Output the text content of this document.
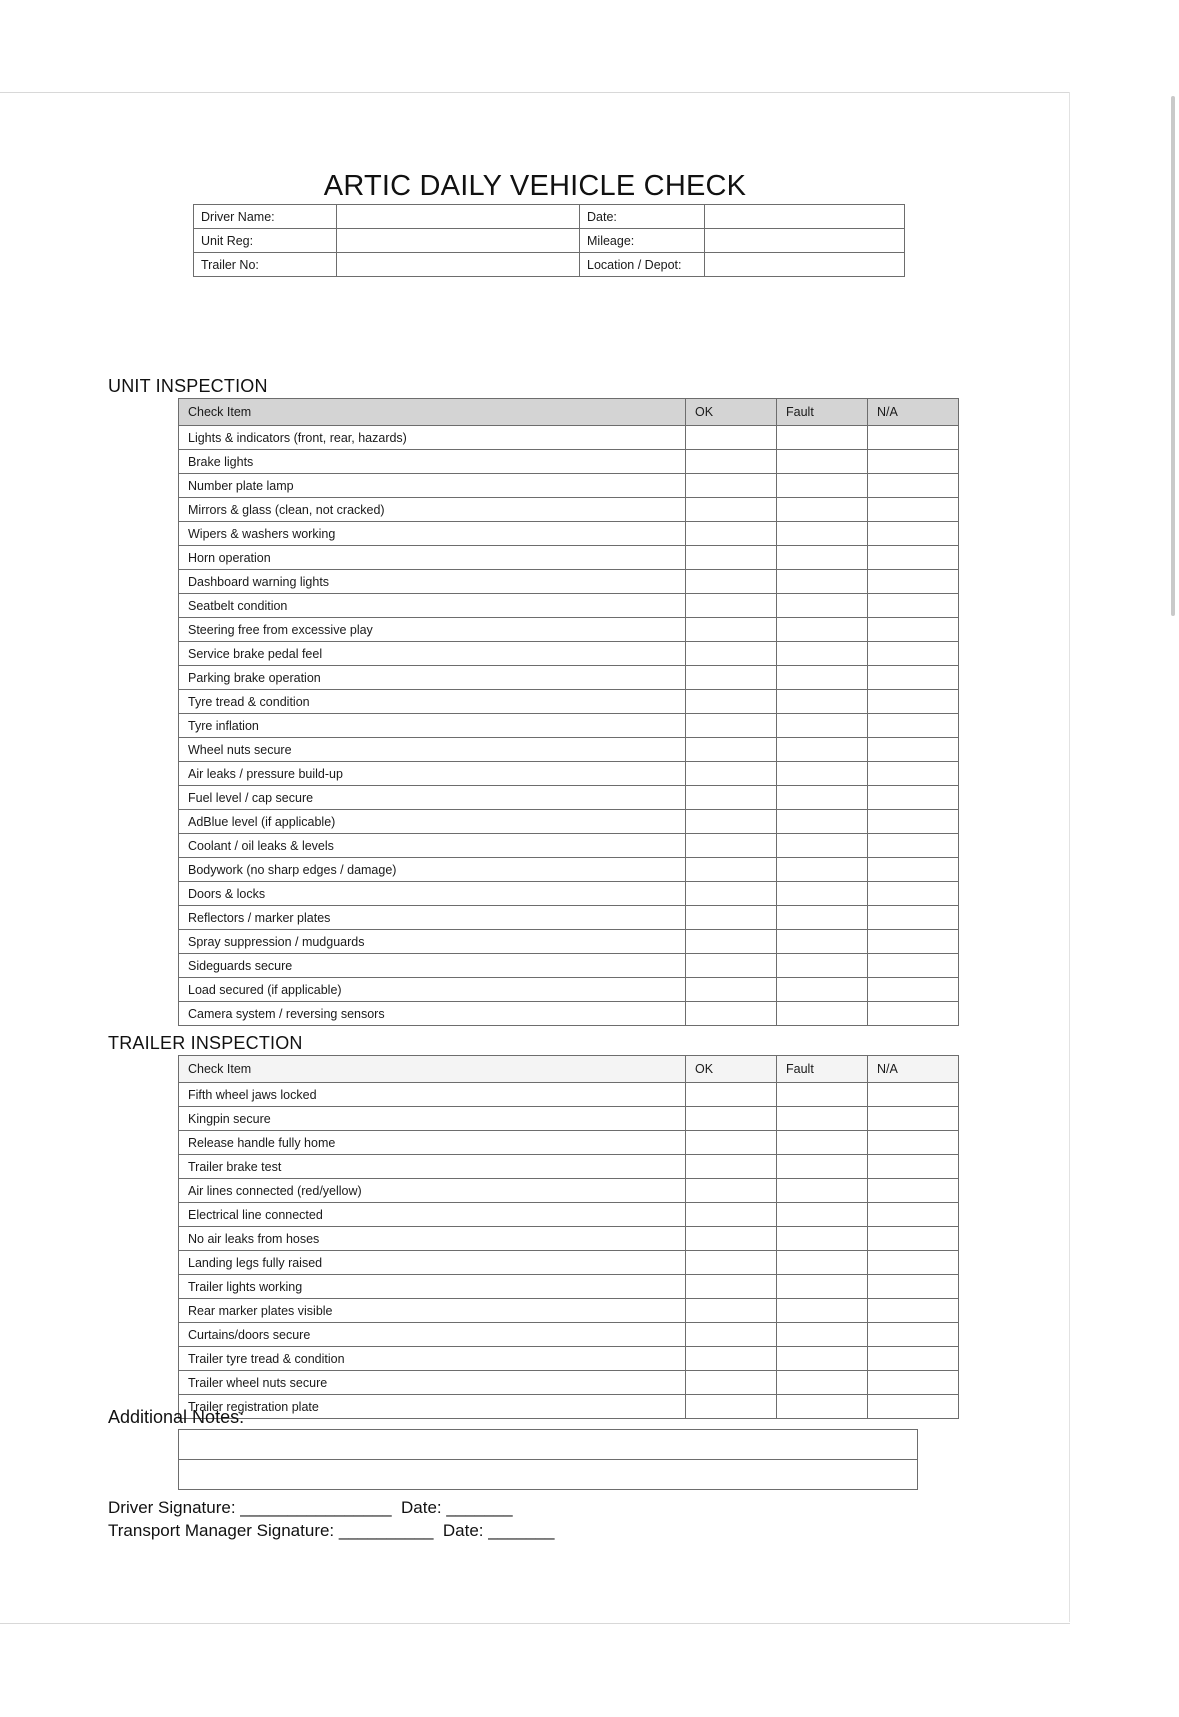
ARTIC DAILY VEHICLE CHECK
Driver Name:		Date:	
Unit Reg:		Mileage:	
Trailer No:		Location / Depot:	
UNIT INSPECTION
Check Item	OK	Fault	N/A
Lights & indicators (front, rear, hazards)			
Brake lights			
Number plate lamp			
Mirrors & glass (clean, not cracked)			
Wipers & washers working			
Horn operation			
Dashboard warning lights			
Seatbelt condition			
Steering free from excessive play			
Service brake pedal feel			
Parking brake operation			
Tyre tread & condition			
Tyre inflation			
Wheel nuts secure			
Air leaks / pressure build-up			
Fuel level / cap secure			
AdBlue level (if applicable)			
Coolant / oil leaks & levels			
Bodywork (no sharp edges / damage)			
Doors & locks			
Reflectors / marker plates			
Spray suppression / mudguards			
Sideguards secure			
Load secured (if applicable)			
Camera system / reversing sensors			
TRAILER INSPECTION
Check Item	OK	Fault	N/A
Fifth wheel jaws locked			
Kingpin secure			
Release handle fully home			
Trailer brake test			
Air lines connected (red/yellow)			
Electrical line connected			
No air leaks from hoses			
Landing legs fully raised			
Trailer lights working			
Rear marker plates visible			
Curtains/doors secure			
Trailer tyre tread & condition			
Trailer wheel nuts secure			
Trailer registration plate			
Additional Notes:

Driver Signature: ________________  Date: _______
Transport Manager Signature: __________  Date: _______
